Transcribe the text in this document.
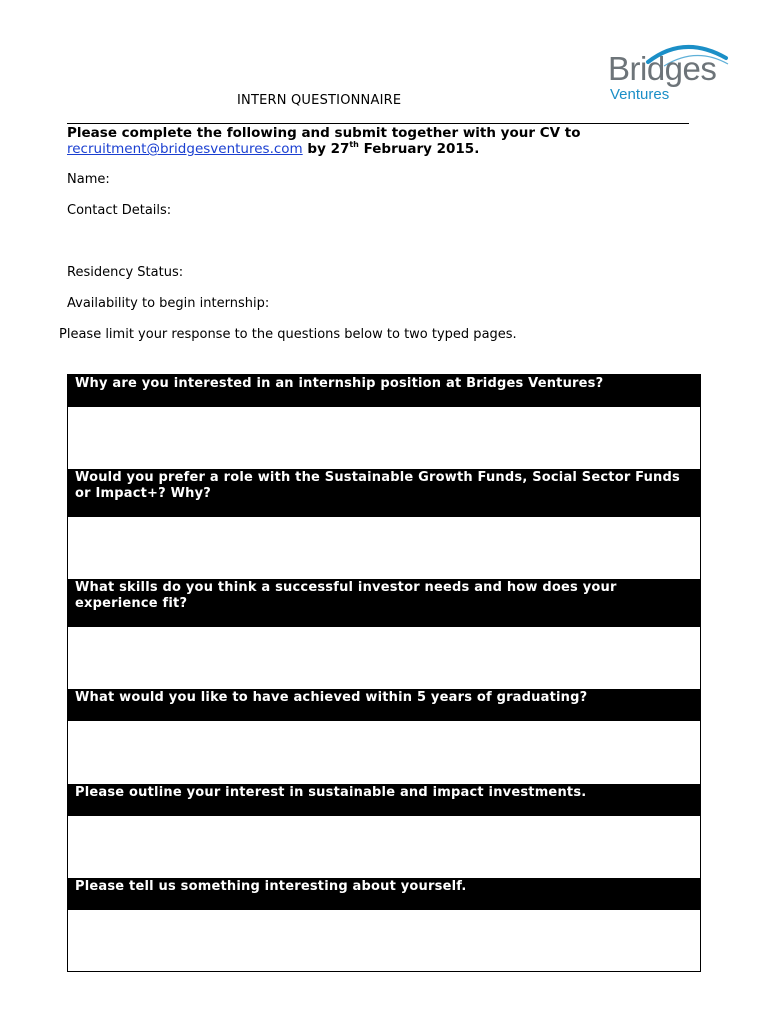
Bridges
Ventures
INTERN QUESTIONNAIRE
Please complete the following and submit together with your CV to
recruitment@bridgesventures.com by 27th February 2015.
Name:
Contact Details:
Residency Status:
Availability to begin internship:
Please limit your response to the questions below to two typed pages.
Why are you interested in an internship position at Bridges Ventures?
Would you prefer a role with the Sustainable Growth Funds, Social Sector Funds or Impact+? Why?
What skills do you think a successful investor needs and how does your experience fit?
What would you like to have achieved within 5 years of graduating?
Please outline your interest in sustainable and impact investments.
Please tell us something interesting about yourself.
